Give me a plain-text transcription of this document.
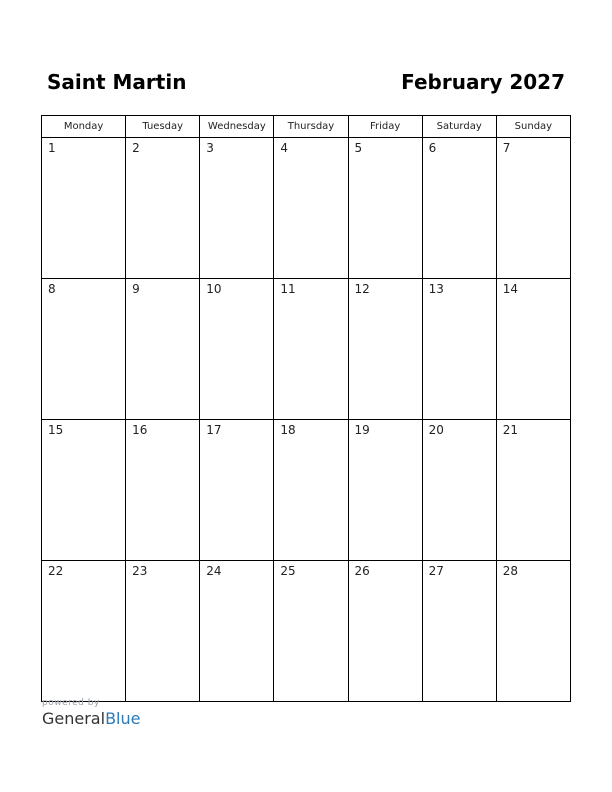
Saint Martin	February 2027
Monday	Tuesday	Wednesday	Thursday	Friday	Saturday	Sunday
1	2	3	4	5	6	7
8	9	10	11	12	13	14
15	16	17	18	19	20	21
22	23	24	25	26	27	28
powered by
GeneralBlue
